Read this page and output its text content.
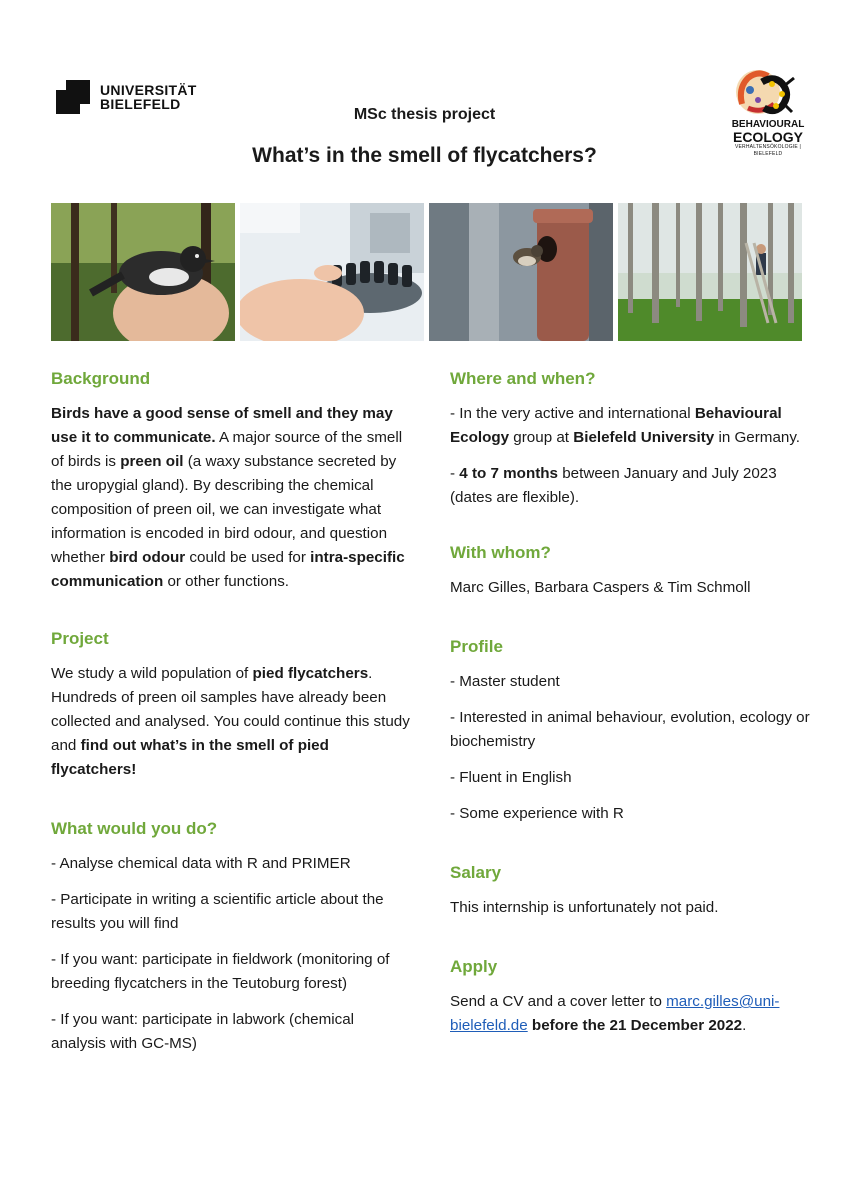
UNIVERSITÄT
BIELEFELD
BEHAVIOURAL
ECOLOGY
VERHALTENSÖKOLOGIE | BIELEFELD
MSc thesis project
What’s in the smell of flycatchers?
Background

Birds have a good sense of smell and they may use it to communicate. A major source of the smell of birds is preen oil (a waxy substance secreted by the uropygial gland). By describing the chemical composition of preen oil, we can investigate what information is encoded in bird odour, and question whether bird odour could be used for intra-specific communication or other functions.

Project

We study a wild population of pied flycatchers. Hundreds of preen oil samples have already been collected and analysed. You could continue this study and find out what’s in the smell of pied flycatchers!

What would you do?

- Analyse chemical data with R and PRIMER

- Participate in writing a scientific article about the results you will find

- If you want: participate in fieldwork (monitoring of breeding flycatchers in the Teutoburg forest)

- If you want: participate in labwork (chemical analysis with GC-MS)

Where and when?

- In the very active and international Behavioural Ecology group at Bielefeld University in Germany.

- 4 to 7 months between January and July 2023 (dates are flexible).

With whom?

Marc Gilles, Barbara Caspers & Tim Schmoll

Profile

- Master student

- Interested in animal behaviour, evolution, ecology or biochemistry

- Fluent in English

- Some experience with R

Salary

This internship is unfortunately not paid.

Apply

Send a CV and a cover letter to marc.gilles@uni-bielefeld.de before the 21 December 2022.
